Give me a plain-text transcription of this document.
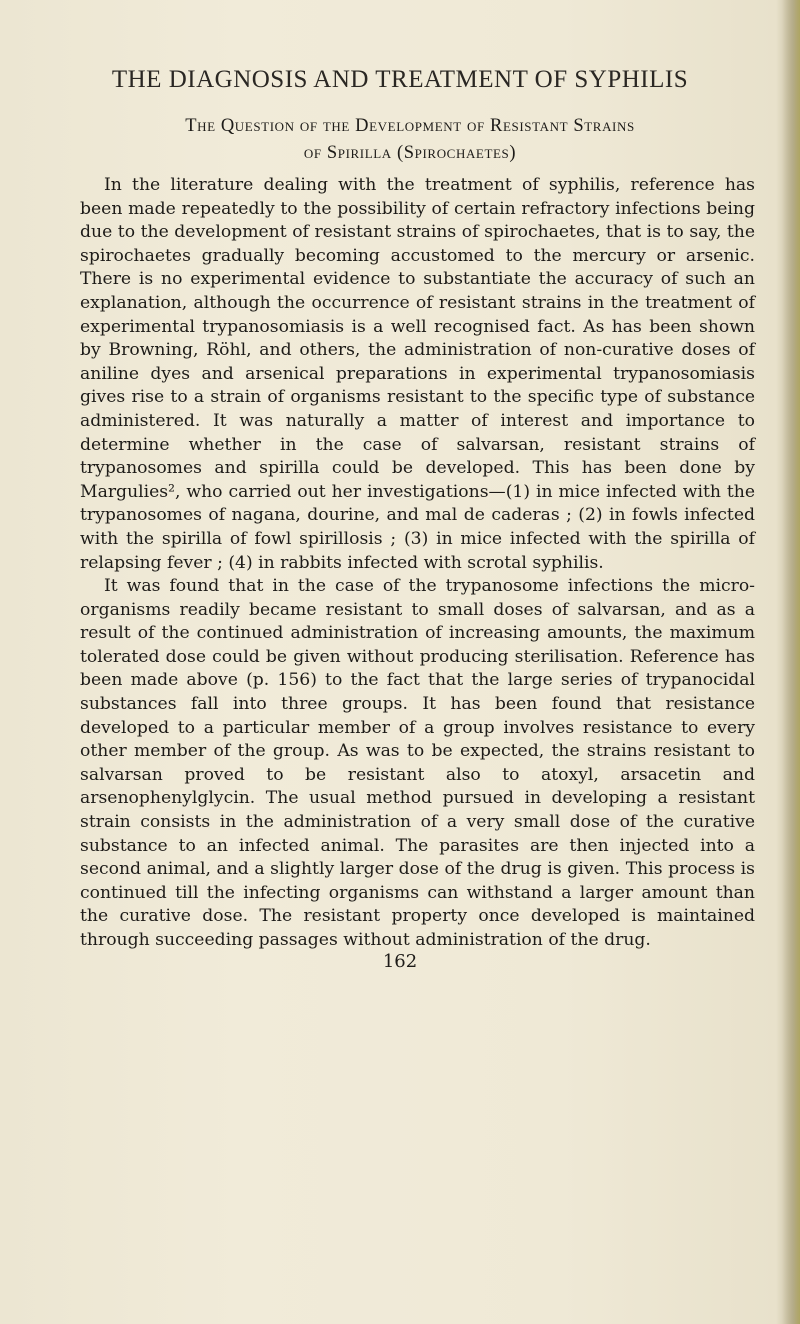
THE DIAGNOSIS AND TREATMENT OF SYPHILIS
The Question of the Development of Resistant Strains
of Spirilla (Spirochaetes)

In the literature dealing with the treatment of syphilis, reference has been made repeatedly to the possibility of certain refractory infections being due to the development of resistant strains of spirochaetes, that is to say, the spirochaetes gradually becoming accustomed to the mercury or arsenic. There is no experimental evidence to substantiate the accuracy of such an explanation, although the occurrence of resistant strains in the treatment of experimental trypanosomiasis is a well recognised fact. As has been shown by Browning, Röhl, and others, the administration of non-curative doses of aniline dyes and arsenical preparations in experimental trypanosomiasis gives rise to a strain of organisms resistant to the specific type of substance administered. It was naturally a matter of interest and importance to determine whether in the case of salvarsan, resistant strains of trypanosomes and spirilla could be developed. This has been done by Margulies², who carried out her investigations—(1) in mice infected with the trypanosomes of nagana, dourine, and mal de caderas ; (2) in fowls infected with the spirilla of fowl spirillosis ; (3) in mice infected with the spirilla of relapsing fever ; (4) in rabbits infected with scrotal syphilis.

It was found that in the case of the trypanosome infections the micro-organisms readily became resistant to small doses of salvarsan, and as a result of the continued administration of increasing amounts, the maximum tolerated dose could be given without producing sterilisation. Reference has been made above (p. 156) to the fact that the large series of trypanocidal substances fall into three groups. It has been found that resistance developed to a particular member of a group involves resistance to every other member of the group. As was to be expected, the strains resistant to salvarsan proved to be resistant also to atoxyl, arsacetin and arsenophenylglycin. The usual method pursued in developing a resistant strain consists in the administration of a very small dose of the curative substance to an infected animal. The parasites are then injected into a second animal, and a slightly larger dose of the drug is given. This process is continued till the infecting organisms can withstand a larger amount than the curative dose. The resistant property once developed is maintained through succeeding passages without administration of the drug.

162
